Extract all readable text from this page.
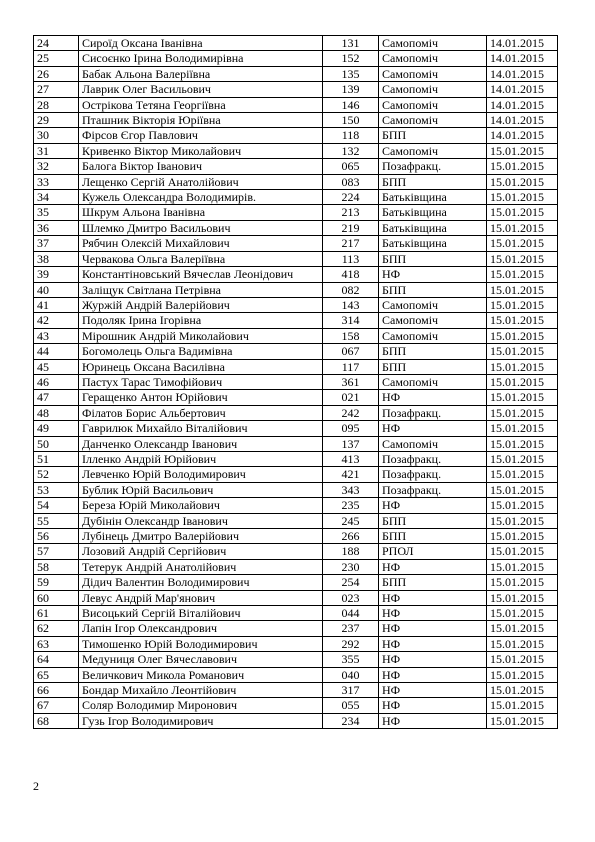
24	Сироїд Оксана Іванівна	131	Самопоміч	14.01.2015
25	Сисоєнко Ірина Володимирівна	152	Самопоміч	14.01.2015
26	Бабак Альона Валеріївна	135	Самопоміч	14.01.2015
27	Лаврик Олег Васильович	139	Самопоміч	14.01.2015
28	Острікова Тетяна Георгіївна	146	Самопоміч	14.01.2015
29	Пташник Вікторія Юріївна	150	Самопоміч	14.01.2015
30	Фірсов Єгор Павлович	118	БПП	14.01.2015
31	Кривенко Віктор Миколайович	132	Самопоміч	15.01.2015
32	Балога Віктор Іванович	065	Позафракц.	15.01.2015
33	Лещенко Сергій Анатолійович	083	БПП	15.01.2015
34	Кужель Олександра Володимирів.	224	Батьківщина	15.01.2015
35	Шкрум Альона Іванівна	213	Батьківщина	15.01.2015
36	Шлемко Дмитро Васильович	219	Батьківщина	15.01.2015
37	Рябчин Олексій Михайлович	217	Батьківщина	15.01.2015
38	Червакова Ольга Валеріївна	113	БПП	15.01.2015
39	Константіновський Вячеслав Леонідович	418	НФ	15.01.2015
40	Заліщук Світлана Петрівна	082	БПП	15.01.2015
41	Журжій Андрій Валерійович	143	Самопоміч	15.01.2015
42	Подоляк Ірина Ігорівна	314	Самопоміч	15.01.2015
43	Мірошник Андрій Миколайович	158	Самопоміч	15.01.2015
44	Богомолець Ольга Вадимівна	067	БПП	15.01.2015
45	Юринець Оксана Василівна	117	БПП	15.01.2015
46	Пастух Тарас Тимофійович	361	Самопоміч	15.01.2015
47	Геращенко Антон Юрійович	021	НФ	15.01.2015
48	Філатов Борис Альбертович	242	Позафракц.	15.01.2015
49	Гаврилюк Михайло Віталійович	095	НФ	15.01.2015
50	Данченко Олександр Іванович	137	Самопоміч	15.01.2015
51	Ілленко Андрій Юрійович	413	Позафракц.	15.01.2015
52	Левченко Юрій Володимирович	421	Позафракц.	15.01.2015
53	Бублик Юрій Васильович	343	Позафракц.	15.01.2015
54	Береза Юрій Миколайович	235	НФ	15.01.2015
55	Дубінін Олександр Іванович	245	БПП	15.01.2015
56	Лубінець Дмитро Валерійович	266	БПП	15.01.2015
57	Лозовий Андрій Сергійович	188	РПОЛ	15.01.2015
58	Тетерук Андрій Анатолійович	230	НФ	15.01.2015
59	Дідич Валентин Володимирович	254	БПП	15.01.2015
60	Левус Андрій Мар'янович	023	НФ	15.01.2015
61	Висоцький Сергій Віталійович	044	НФ	15.01.2015
62	Лапін Ігор Олександрович	237	НФ	15.01.2015
63	Тимошенко Юрій Володимирович	292	НФ	15.01.2015
64	Медуниця Олег Вячеславович	355	НФ	15.01.2015
65	Величкович Микола Романович	040	НФ	15.01.2015
66	Бондар Михайло Леонтійович	317	НФ	15.01.2015
67	Соляр Володимир Миронович	055	НФ	15.01.2015
68	Гузь Ігор Володимирович	234	НФ	15.01.2015
2
